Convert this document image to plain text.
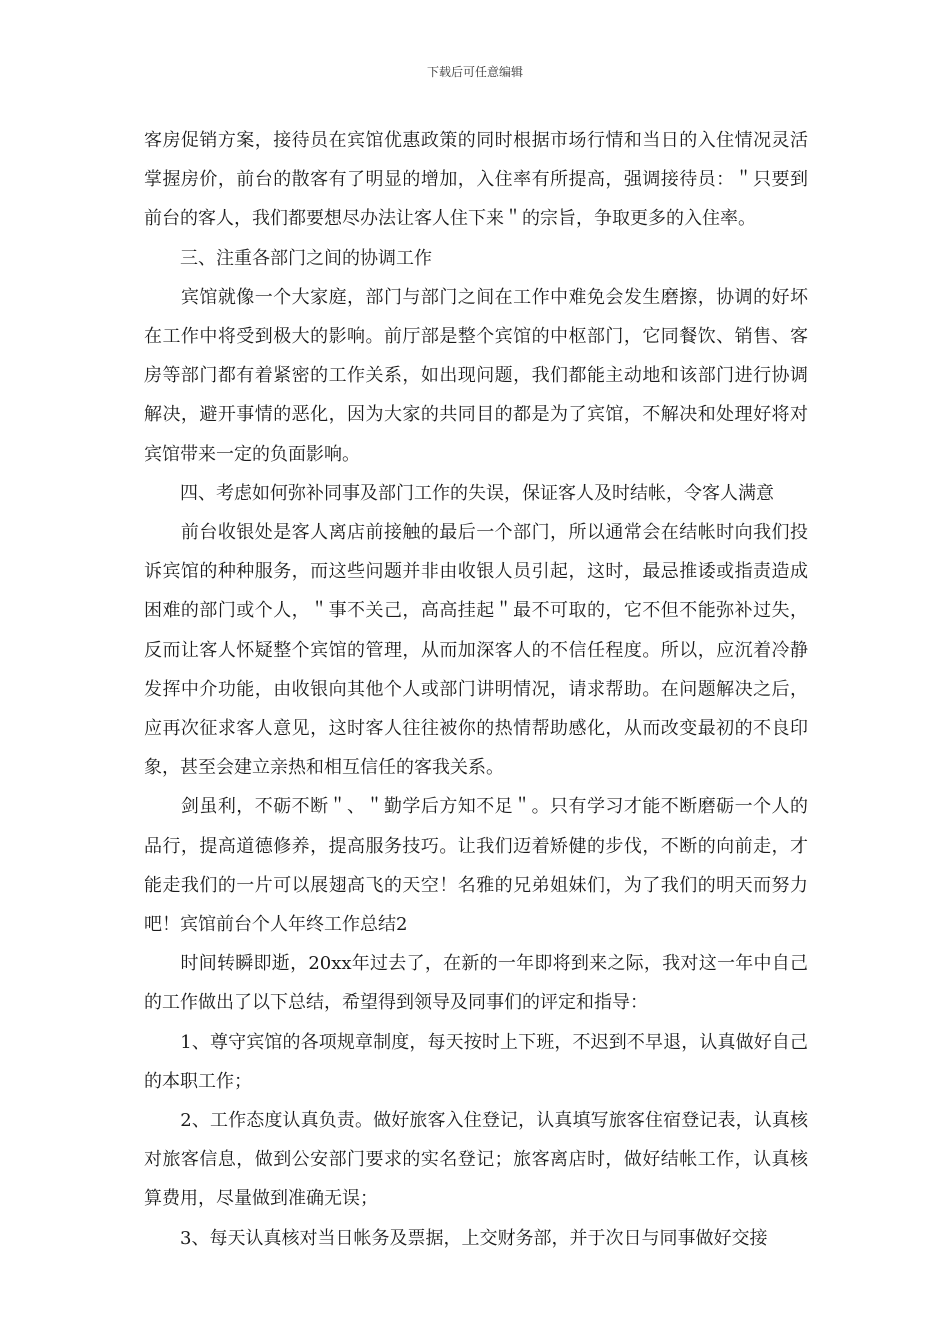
下载后可任意编辑

客房促销方案，接待员在宾馆优惠政策的同时根据市场行情和当日的入住情况灵活掌握房价，前台的散客有了明显的增加，入住率有所提高，强调接待员：＂只要到前台的客人，我们都要想尽办法让客人住下来＂的宗旨，争取更多的入住率。

　　三、注重各部门之间的协调工作

　　宾馆就像一个大家庭，部门与部门之间在工作中难免会发生磨擦，协调的好坏在工作中将受到极大的影响。前厅部是整个宾馆的中枢部门，它同餐饮、销售、客房等部门都有着紧密的工作关系，如出现问题，我们都能主动地和该部门进行协调解决，避开事情的恶化，因为大家的共同目的都是为了宾馆，不解决和处理好将对宾馆带来一定的负面影响。

　　四、考虑如何弥补同事及部门工作的失误，保证客人及时结帐，令客人满意

　　前台收银处是客人离店前接触的最后一个部门，所以通常会在结帐时向我们投诉宾馆的种种服务，而这些问题并非由收银人员引起，这时，最忌推诿或指责造成困难的部门或个人，＂事不关己，高高挂起＂最不可取的，它不但不能弥补过失，反而让客人怀疑整个宾馆的管理，从而加深客人的不信任程度。所以，应沉着冷静发挥中介功能，由收银向其他个人或部门讲明情况，请求帮助。在问题解决之后，应再次征求客人意见，这时客人往往被你的热情帮助感化，从而改变最初的不良印象，甚至会建立亲热和相互信任的客我关系。

　　剑虽利，不砺不断＂、＂勤学后方知不足＂。只有学习才能不断磨砺一个人的品行，提高道德修养，提高服务技巧。让我们迈着矫健的步伐，不断的向前走，才能走我们的一片可以展翅高飞的天空！名雅的兄弟姐妹们，为了我们的明天而努力吧！宾馆前台个人年终工作总结2

　　时间转瞬即逝，20xx年过去了，在新的一年即将到来之际，我对这一年中自己的工作做出了以下总结，希望得到领导及同事们的评定和指导：

　　1、尊守宾馆的各项规章制度，每天按时上下班，不迟到不早退，认真做好自己的本职工作；

　　2、工作态度认真负责。做好旅客入住登记，认真填写旅客住宿登记表，认真核对旅客信息，做到公安部门要求的实名登记；旅客离店时，做好结帐工作，认真核算费用，尽量做到准确无误；

　　3、每天认真核对当日帐务及票据，上交财务部，并于次日与同事做好交接
